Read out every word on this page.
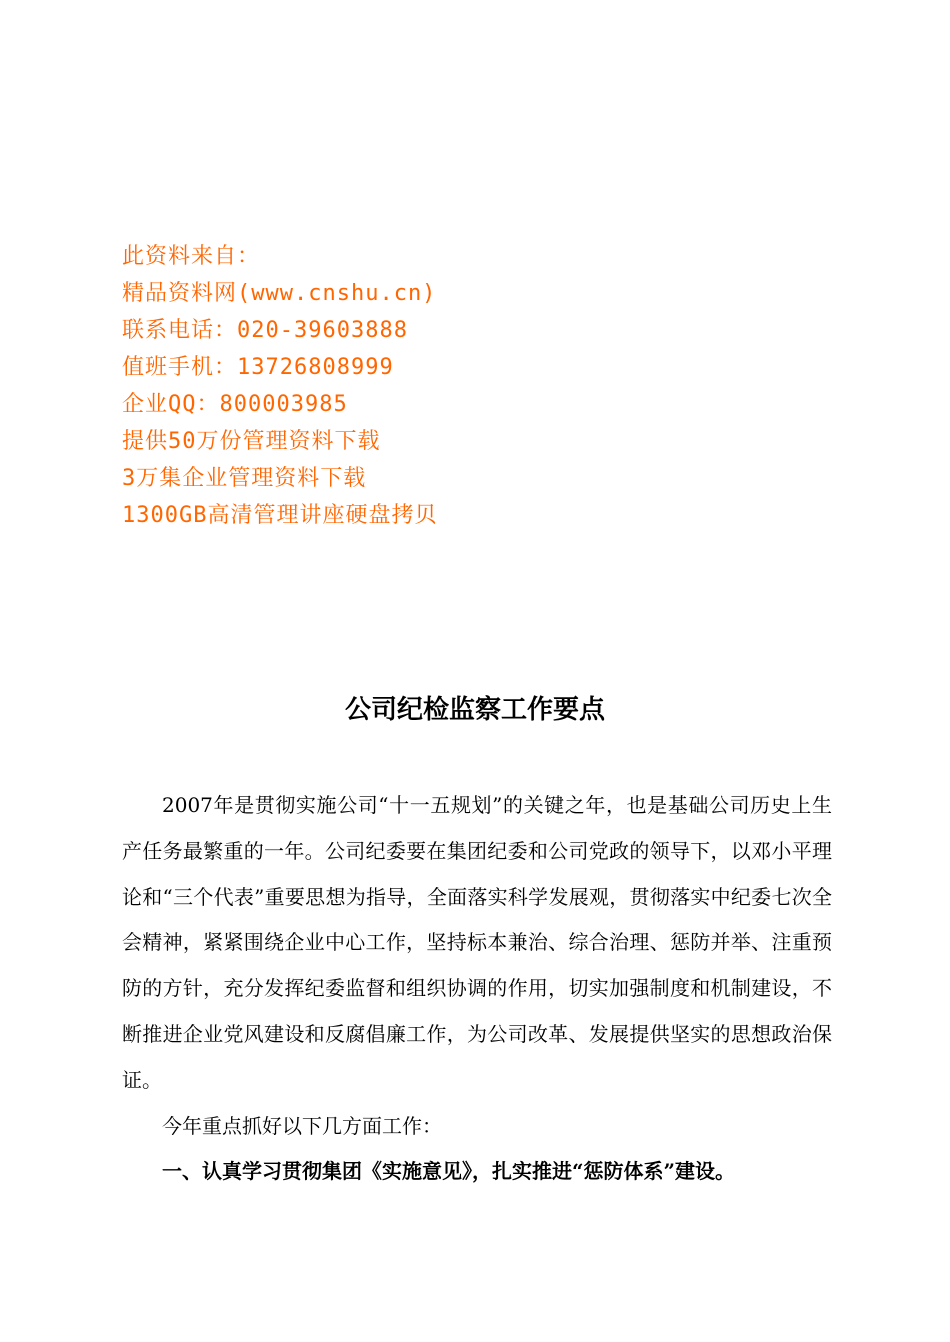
此资料来自：
精品资料网(www.cnshu.cn)
联系电话：020-39603888
值班手机：13726808999
企业QQ：800003985
提供50万份管理资料下载
3万集企业管理资料下载
1300GB高清管理讲座硬盘拷贝
公司纪检监察工作要点

2007年是贯彻实施公司“十一五规划”的关键之年，也是基础公司历史上生产任务最繁重的一年。公司纪委要在集团纪委和公司党政的领导下，以邓小平理论和“三个代表”重要思想为指导，全面落实科学发展观，贯彻落实中纪委七次全会精神，紧紧围绕企业中心工作，坚持标本兼治、综合治理、惩防并举、注重预防的方针，充分发挥纪委监督和组织协调的作用，切实加强制度和机制建设，不断推进企业党风建设和反腐倡廉工作，为公司改革、发展提供坚实的思想政治保证。

今年重点抓好以下几方面工作：

一、认真学习贯彻集团《实施意见》，扎实推进“惩防体系”建设。
